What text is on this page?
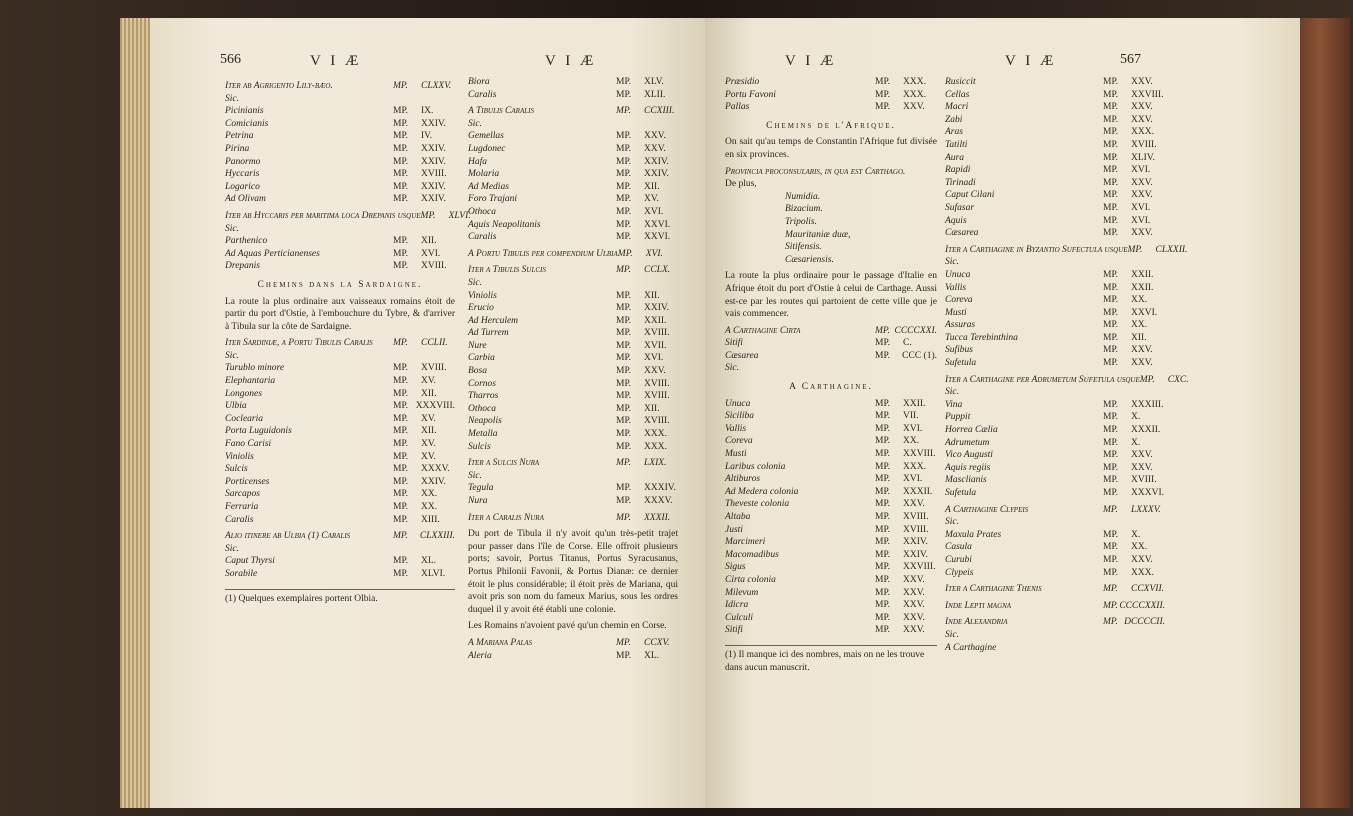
566	V I Æ	V I Æ
Iter ab Agrigento Lily-bæo.	MP. CLXXV.
Sic.
Picinianis	MP. IX.
Comicianis	MP. XXIV.
Petrina	MP. IV.
Pirina	MP. XXIV.
Panormo	MP. XXIV.
Hyccaris	MP. XVIII.
Logarico	MP. XXIV.
Ad Olivam	MP. XXIV.
Iter ab Hyccaris per maritima loca Drepanis usque MP. XLVI.
Sic.
Parthenico	MP. XII.
Ad Aquas Perticianenses	MP. XVI.
Drepanis	MP. XVIII.
Chemins dans la Sardaigne.
La route la plus ordinaire aux vaisseaux romains étoit de partir du port d'Ostie, à l'embouchure du Tybre, & d'arriver à Tibula sur la côte de Sardaigne.
Iter Sardiniæ, a Portu Tibulis Caralis MP. CCLII.
Sic.
Turublo minore	MP. XVIII.
Elephantaria	MP. XV.
Longones	MP. XII.
Ulbia	MP. XXXVIII.
Coclearia	MP. XV.
Porta Luguidonis	MP. XII.
Fano Carisi	MP. XV.
Viniolis	MP. XV.
Sulcis	MP. XXXV.
Porticenses	MP. XXIV.
Sarcapos	MP. XX.
Ferraria	MP. XX.
Caralis	MP. XIII.
Alio itinere ab Ulbia (1) Caralis	MP. CLXXIII.
Sic.
Caput Thyrsi	MP. XL.
Sorabile	MP. XLVI.
(1) Quelques exemplaires portent Olbia.
Biora	MP. XLV.
Caralis	MP. XLII.
A Tibulis Caralis	MP. CCXIII.
Sic.
Gemellas	MP. XXV.
Lugdonec	MP. XXV.
Hafa	MP. XXIV.
Molaria	MP. XXIV.
Ad Medias	MP. XII.
Foro Trajani	MP. XV.
Othoca	MP. XVI.
Aquis Neapolitanis	MP. XXVI.
Caralis	MP. XXVI.
A Portu Tibulis per compendium Ulbia MP. XVI.
Iter a Tibulis Sulcis	MP. CCLX.
Sic.
Viniolis	MP. XII.
Erucio	MP. XXIV.
Ad Herculem	MP. XXII.
Ad Turrem	MP. XVIII.
Nure	MP. XVII.
Carbia	MP. XVI.
Bosa	MP. XXV.
Cornos	MP. XVIII.
Tharros	MP. XVIII.
Othoca	MP. XII.
Neapolis	MP. XVIII.
Metalla	MP. XXX.
Sulcis	MP. XXX.
Iter a Sulcis Nura	MP. LXIX.
Sic.
Tegula	MP. XXXIV.
Nura	MP. XXXV.
Iter a Caralis Nura	MP. XXXII.
Du port de Tibula il n'y avoit qu'un très-petit trajet pour passer dans l'île de Corse. Elle offroit plusieurs ports; savoir, Portus Titanus, Portus Syracusanus, Portus Philonii Favonii, & Portus Dianæ: ce dernier étoit le plus considérable; il étoit près de Mariana, qui avoit pris son nom du fameux Marius, sous les ordres duquel il y avoit été établi une colonie.
Les Romains n'avoient pavé qu'un chemin en Corse.
A Mariana Palas	MP. CCXV.
Aleria	MP. XL.
V I Æ	V I Æ	567
Præsidio	MP. XXX.
Portu Favoni	MP. XXX.
Pallas	MP. XXV.
Chemins de l'Afrique.
On sait qu'au temps de Constantin l'Afrique fut divisée en six provinces.
Provincia proconsularis, in qua est Carthago.
De plus,
Numidia.
Bizacium.
Tripolis.
Mauritaniæ duæ,
Sitifensis.
Cæsariensis.
La route la plus ordinaire pour le passage d'Italie en Afrique étoit du port d'Ostie à celui de Carthage. Aussi est-ce par les routes qui partoient de cette ville que je vais commencer.
A Carthagine Cirta	MP. CCCCXXI.
Sitifi	MP. C.
Cæsarea	MP. CCC (1).
Sic.
A Carthagine.
Unuca	MP. XXII.
Siciliba	MP. VII.
Vallis	MP. XVI.
Coreva	MP. XX.
Musti	MP. XXVIII.
Laribus colonia	MP. XXX.
Altiburos	MP. XVI.
Ad Medera colonia	MP. XXXII.
Theveste colonia	MP. XXV.
Altaba	MP. XVIII.
Justi	MP. XVIII.
Marcimeri	MP. XXIV.
Macomadibus	MP. XXIV.
Sigus	MP. XXVIII.
Cirta colonia	MP. XXV.
Milevum	MP. XXV.
Idicra	MP. XXV.
Culculi	MP. XXV.
Sitifi	MP. XXV.
(1) Il manque ici des nombres, mais on ne les trouve dans aucun manuscrit.
Rusiccit	MP. XXV.
Cellas	MP. XXVIII.
Macri	MP. XXV.
Zabi	MP. XXV.
Aras	MP. XXX.
Tatilti	MP. XVIII.
Aura	MP. XLIV.
Rapidi	MP. XVI.
Tirinadi	MP. XXV.
Caput Cilani	MP. XXV.
Sufasar	MP. XVI.
Aquis	MP. XVI.
Cæsarea	MP. XXV.
Iter a Carthagine in Byzantio Sufectula usque MP. CLXXII.
Sic.
Unuca	MP. XXII.
Vallis	MP. XXII.
Coreva	MP. XX.
Musti	MP. XXVI.
Assuras	MP. XX.
Tucca Terebinthina	MP. XII.
Sufibus	MP. XXV.
Sufetula	MP. XXV.
Iter a Carthagine per Adrumetum Sufetula usque MP. CXC.
Sic.
Vina	MP. XXXIII.
Puppit	MP. X.
Horrea Cælia	MP. XXXII.
Adrumetum	MP. X.
Vico Augusti	MP. XXV.
Aquis regiis	MP. XXV.
Masclianis	MP. XVIII.
Sufetula	MP. XXXVI.
A Carthagine Clypeis	MP. LXXXV.
Sic.
Maxula Prates	MP. X.
Casula	MP. XX.
Curubi	MP. XXV.
Clypeis	MP. XXX.
Iter a Carthagine Thenis	MP. CCXVII.
Inde Lepti magna	MP. CCCCXXII.
Inde Alexandria	MP. DCCCCII.
Sic.
A Carthagine
